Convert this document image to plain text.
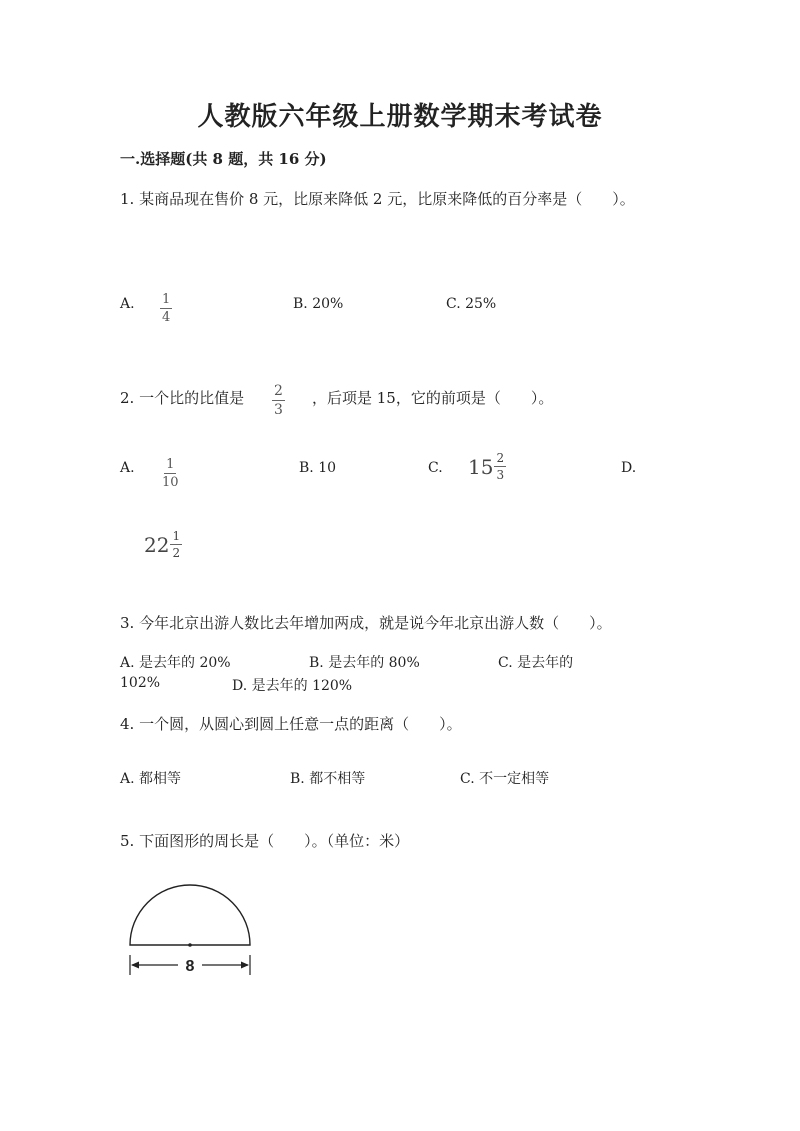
人教版六年级上册数学期末考试卷
一.选择题(共 8 题，共 16 分)
1. 某商品现在售价 8 元，比原来降低 2 元，比原来降低的百分率是（　　）。
A. $\frac{1}{4}$	B. 20%	C. 25%
2. 一个比的比值是 $\frac{2}{3}$ ，后项是 15，它的前项是（　　）。
A. $\frac{1}{10}$	B. 10	C. $15 \frac{2}{3}$	D.
$22 \frac{1}{2}$
3. 今年北京出游人数比去年增加两成，就是说今年北京出游人数（　　）。
A. 是去年的 20%	B. 是去年的 80%	C. 是去年的
102%	D. 是去年的 120%
4. 一个圆，从圆心到圆上任意一点的距离（　　）。
A. 都相等	B. 都不相等	C. 不一定相等
5. 下面图形的周长是（　　）。（单位：米）
8
